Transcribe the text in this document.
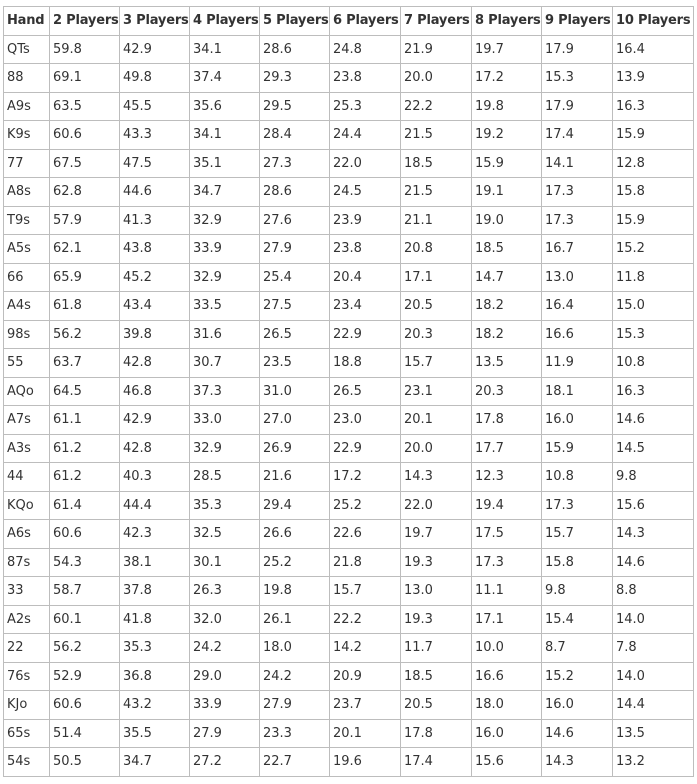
Hand	2 Players	3 Players	4 Players	5 Players	6 Players	7 Players	8 Players	9 Players	10 Players
QTs	59.8	42.9	34.1	28.6	24.8	21.9	19.7	17.9	16.4
88	69.1	49.8	37.4	29.3	23.8	20.0	17.2	15.3	13.9
A9s	63.5	45.5	35.6	29.5	25.3	22.2	19.8	17.9	16.3
K9s	60.6	43.3	34.1	28.4	24.4	21.5	19.2	17.4	15.9
77	67.5	47.5	35.1	27.3	22.0	18.5	15.9	14.1	12.8
A8s	62.8	44.6	34.7	28.6	24.5	21.5	19.1	17.3	15.8
T9s	57.9	41.3	32.9	27.6	23.9	21.1	19.0	17.3	15.9
A5s	62.1	43.8	33.9	27.9	23.8	20.8	18.5	16.7	15.2
66	65.9	45.2	32.9	25.4	20.4	17.1	14.7	13.0	11.8
A4s	61.8	43.4	33.5	27.5	23.4	20.5	18.2	16.4	15.0
98s	56.2	39.8	31.6	26.5	22.9	20.3	18.2	16.6	15.3
55	63.7	42.8	30.7	23.5	18.8	15.7	13.5	11.9	10.8
AQo	64.5	46.8	37.3	31.0	26.5	23.1	20.3	18.1	16.3
A7s	61.1	42.9	33.0	27.0	23.0	20.1	17.8	16.0	14.6
A3s	61.2	42.8	32.9	26.9	22.9	20.0	17.7	15.9	14.5
44	61.2	40.3	28.5	21.6	17.2	14.3	12.3	10.8	9.8
KQo	61.4	44.4	35.3	29.4	25.2	22.0	19.4	17.3	15.6
A6s	60.6	42.3	32.5	26.6	22.6	19.7	17.5	15.7	14.3
87s	54.3	38.1	30.1	25.2	21.8	19.3	17.3	15.8	14.6
33	58.7	37.8	26.3	19.8	15.7	13.0	11.1	9.8	8.8
A2s	60.1	41.8	32.0	26.1	22.2	19.3	17.1	15.4	14.0
22	56.2	35.3	24.2	18.0	14.2	11.7	10.0	8.7	7.8
76s	52.9	36.8	29.0	24.2	20.9	18.5	16.6	15.2	14.0
KJo	60.6	43.2	33.9	27.9	23.7	20.5	18.0	16.0	14.4
65s	51.4	35.5	27.9	23.3	20.1	17.8	16.0	14.6	13.5
54s	50.5	34.7	27.2	22.7	19.6	17.4	15.6	14.3	13.2
